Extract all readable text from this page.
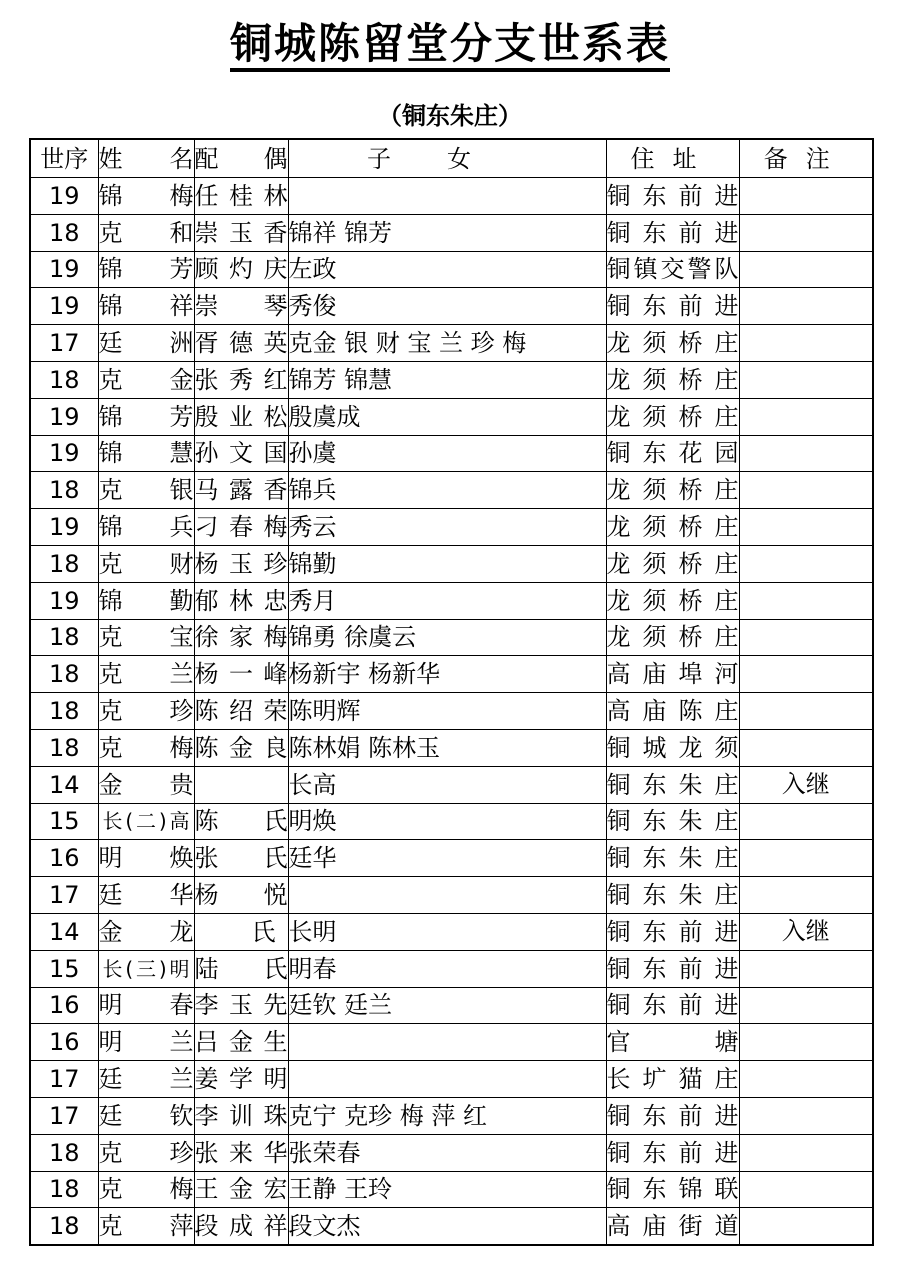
铜城陈留堂分支世系表
（铜东朱庄）
世序	姓 名	配 偶	子女	住址	备注
19	锦 梅	任桂林		铜东前进	
18	克 和	崇玉香	锦祥 锦芳	铜东前进	
19	锦 芳	顾灼庆	左政	铜镇交警队	
19	锦 祥	崇 琴	秀俊	铜东前进	
17	廷 洲	胥德英	克金 银 财 宝 兰 珍 梅	龙须桥庄	
18	克 金	张秀红	锦芳 锦慧	龙须桥庄	
19	锦 芳	殷业松	殷虞成	龙须桥庄	
19	锦 慧	孙文国	孙虞	铜东花园	
18	克 银	马露香	锦兵	龙须桥庄	
19	锦 兵	刁春梅	秀云	龙须桥庄	
18	克 财	杨玉珍	锦勤	龙须桥庄	
19	锦 勤	郁林忠	秀月	龙须桥庄	
18	克 宝	徐家梅	锦勇 徐虞云	龙须桥庄	
18	克 兰	杨一峰	杨新宇 杨新华	高庙埠河	
18	克 珍	陈绍荣	陈明辉	高庙陈庄	
18	克 梅	陈金良	陈林娟 陈林玉	铜城龙须	
14	金 贵		长高	铜东朱庄	入继
15	长(二)高	陈 氏	明焕	铜东朱庄	
16	明 焕	张 氏	廷华	铜东朱庄	
17	廷 华	杨 悦		铜东朱庄	
14	金 龙	氏	长明	铜东前进	入继
15	长(三)明	陆 氏	明春	铜东前进	
16	明 春	李玉先	廷钦 廷兰	铜东前进	
16	明 兰	吕金生		官 塘	
17	廷 兰	姜学明		长圹猫庄	
17	廷 钦	李训珠	克宁 克珍 梅 萍 红	铜东前进	
18	克 珍	张来华	张荣春	铜东前进	
18	克 梅	王金宏	王静 王玲	铜东锦联	
18	克 萍	段成祥	段文杰	高庙街道	
